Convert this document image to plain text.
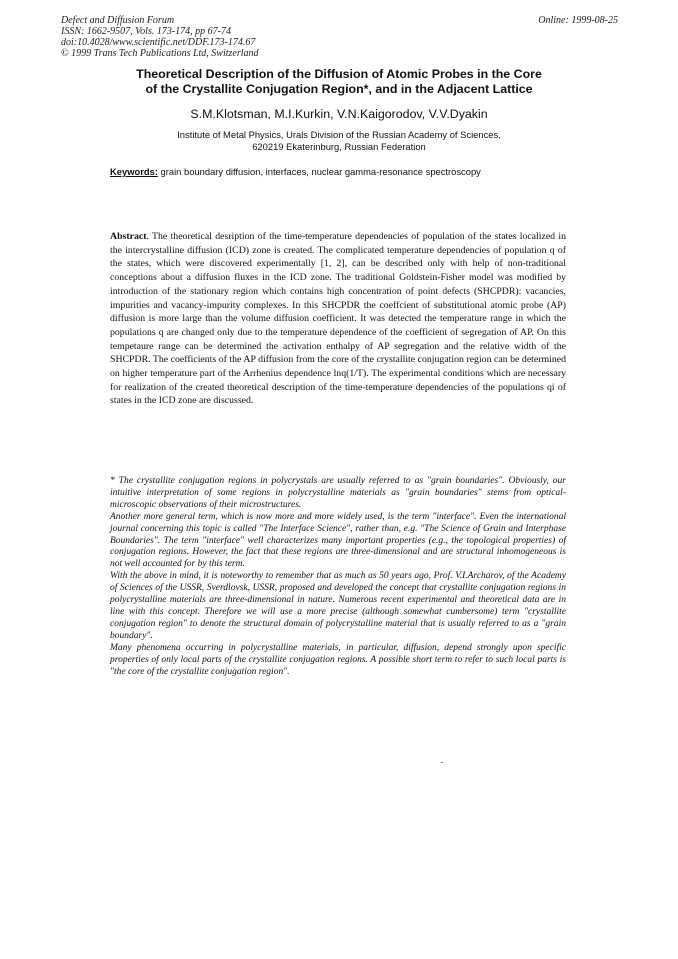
Defect and Diffusion Forum
ISSN: 1662-9507, Vols. 173-174, pp 67-74
doi:10.4028/www.scientific.net/DDF.173-174.67
© 1999 Trans Tech Publications Ltd, Switzerland
Online: 1999-08-25
Theoretical Description of the Diffusion of Atomic Probes in the Core
of the Crystallite Conjugation Region*, and in the Adjacent Lattice
S.M.Klotsman, M.I.Kurkin, V.N.Kaigorodov, V.V.Dyakin
Institute of Metal Physics, Urals Division of the Russian Academy of Sciences,
620219 Ekaterinburg, Russian Federation
Keywords: grain boundary diffusion, interfaces, nuclear gamma-resonance spectroscopy
Abstract. The theoretical desription of the time-temperature dependencies of population of the states localized in the intercrystalline diffusion (ICD) zone is created. The complicated temperature dependencies of population q of the states, which were discovered experimentally [1, 2], can be described only with help of non-traditional conceptions about a diffusion fluxes in the ICD zone. The traditional Goldstein-Fisher model was modified by introduction of the stationary region which contains high concentration of point defects (SHCPDR): vacancies, impurities and vacancy-impurity complexes. In this SHCPDR the coeffcient of substitutional atomic probe (AP) diffusion is more large than the volume diffusion coefficient. It was detected the temperature range in which the populations q are changed only due to the temperature dependence of the coefficient of segregation of AP. On this tempetaure range can be determined the activation enthalpy of AP segregation and the relative width of the SHCPDR. The coefficients of the AP diffusion from the core of the crystallite conjugation region can be determined on higher temperature part of the Arrhenius dependence lnq(1/T). The experimental conditions which are necessary for realization of the created theoretical description of the time-temperature dependencies of the populations qi of states in the ICD zone are discussed.

* The crystallite conjugation regions in polycrystals are usually referred to as "grain boundaries". Obviously, our intuitive interpretation of some regions in polycrystalline materials as "grain boundaries" stems from optical-microscopic observations of their microstructures.

Another more general term, which is now more and more widely used, is the term "interface". Even the international journal concerning this topic is called "The Interface Science", rather than, e.g. "The Science of Grain and Interphase Boundaries". The term "interface" well characterizes many important properties (e.g., the topological properties) of conjugation regions. However, the fact that these regions are three-dimensional and are structural inhomogeneous is not well accounted for by this term.

With the above in mind, it is noteworthy to remember that as much as 50 years ago, Prof. V.I.Archarov, of the Academy of Sciences of the USSR, Sverdlovsk, USSR, proposed and developed the concept that crystallite conjugation regions in polycrystalline materials are three-dimensional in nature. Numerous recent experimental and theoretical data are in line with this concept. Therefore we will use a more precise (although somewhat cumbersome) term "crystallite conjugation region" to denote the structural domain of polycrystalline material that is usually referred to as a "grain boundary".

Many phenomena occurring in polycrystalline materials, in particular, diffusion, depend strongly upon specific properties of only local parts of the crystallite conjugation regions. A possible short term to refer to such local parts is "the core of the crystallite conjugation region".
